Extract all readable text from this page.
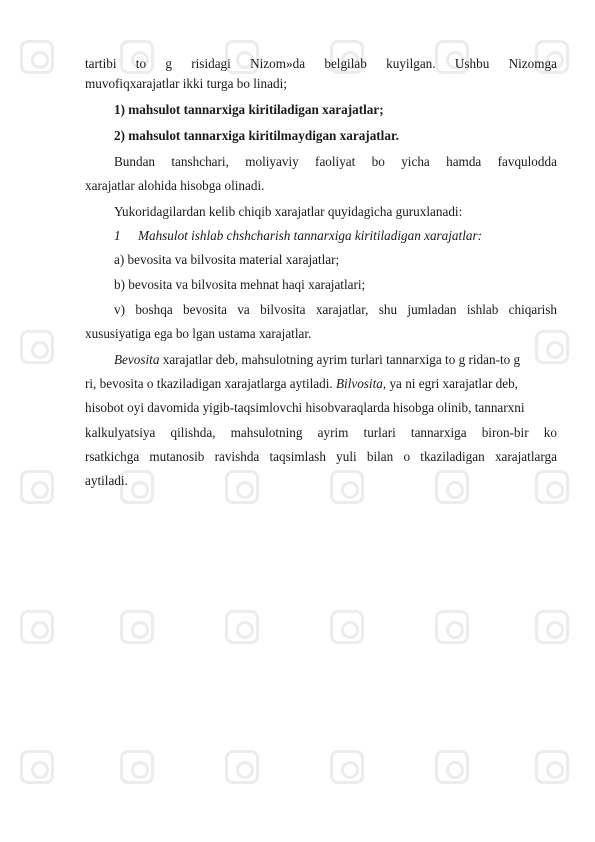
tartibi to g risidagi Nizom»da belgilab kuyilgan. Ushbu Nizomga
muvofiqxarajatlar ikki turga bo linadi;
1) mahsulot tannarxiga kiritiladigan xarajatlar;
2) mahsulot tannarxiga kiritilmaydigan xarajatlar.
Bundan tanshchari, moliyaviy faoliyat bo yicha hamda favqulodda
xarajatlar alohida hisobga olinadi.
Yukoridagilardan kelib chiqib xarajatlar quyidagicha guruxlanadi:
1 Mahsulot ishlab chshcharish tannarxiga kiritiladigan xarajatlar:
a) bevosita va bilvosita material xarajatlar;
b) bevosita va bilvosita mehnat haqi xarajatlari;
v) boshqa bevosita va bilvosita xarajatlar, shu jumladan ishlab chiqarish
xususiyatiga ega bo lgan ustama xarajatlar.
Bevosita xarajatlar deb, mahsulotning ayrim turlari tannarxiga to g ridan-to g
ri, bevosita o tkaziladigan xarajatlarga aytiladi. Bilvosita, ya ni egri xarajatlar deb,
hisobot oyi davomida yigib-taqsimlovchi hisobvaraqlarda hisobga olinib, tannarxni
kalkulyatsiya qilishda, mahsulotning ayrim turlari tannarxiga biron-bir ko
rsatkichga mutanosib ravishda taqsimlash yuli bilan o tkaziladigan xarajatlarga
aytiladi.
